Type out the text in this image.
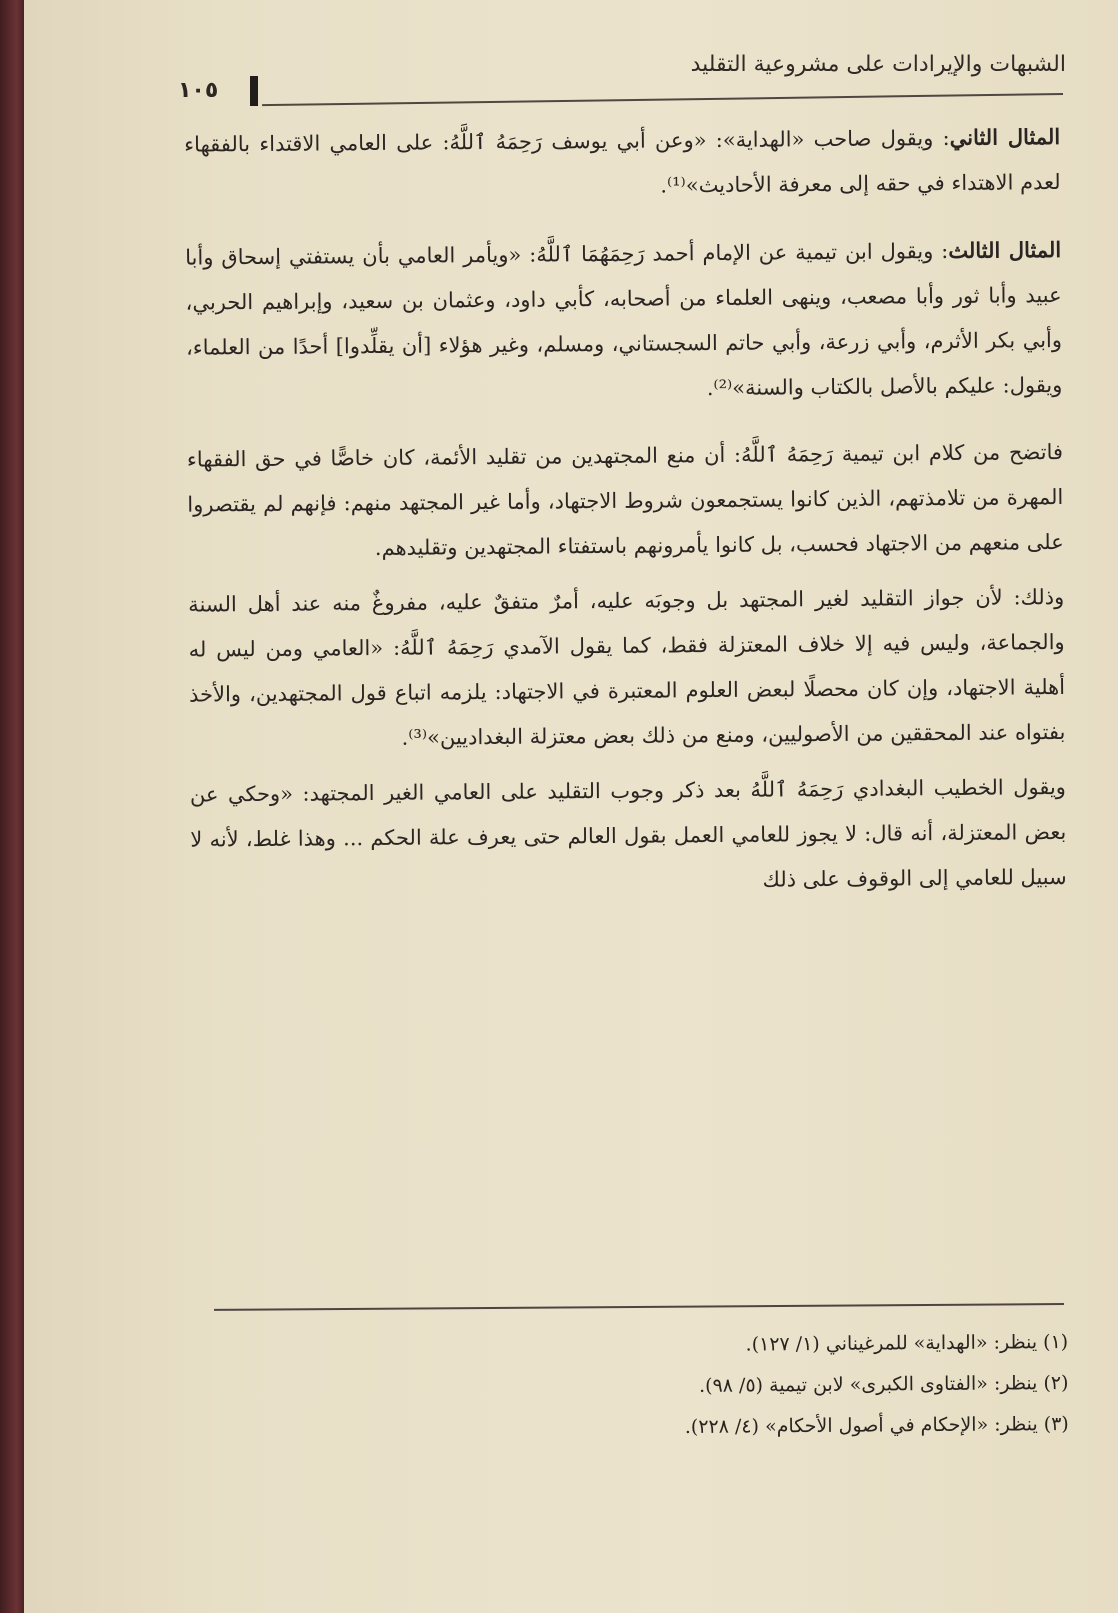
الشبهات والإيرادات على مشروعية التقليد
١٠٥

المثال الثاني: ويقول صاحب «الهداية»: «وعن أبي يوسف رَحِمَهُ ٱللَّهُ: على العامي الاقتداء بالفقهاء لعدم الاهتداء في حقه إلى معرفة الأحاديث»⁽¹⁾.

المثال الثالث: ويقول ابن تيمية عن الإمام أحمد رَحِمَهُمَا ٱللَّهُ: «ويأمر العامي بأن يستفتي إسحاق وأبا عبيد وأبا ثور وأبا مصعب، وينهى العلماء من أصحابه، كأبي داود، وعثمان بن سعيد، وإبراهيم الحربي، وأبي بكر الأثرم، وأبي زرعة، وأبي حاتم السجستاني، ومسلم، وغير هؤلاء [أن يقلِّدوا] أحدًا من العلماء، ويقول: عليكم بالأصل بالكتاب والسنة»⁽²⁾.

فاتضح من كلام ابن تيمية رَحِمَهُ ٱللَّهُ: أن منع المجتهدين من تقليد الأئمة، كان خاصًّا في حق الفقهاء المهرة من تلامذتهم، الذين كانوا يستجمعون شروط الاجتهاد، وأما غير المجتهد منهم: فإنهم لم يقتصروا على منعهم من الاجتهاد فحسب، بل كانوا يأمرونهم باستفتاء المجتهدين وتقليدهم.

وذلك: لأن جواز التقليد لغير المجتهد بل وجوبَه عليه، أمرٌ متفقٌ عليه، مفروغٌ منه عند أهل السنة والجماعة، وليس فيه إلا خلاف المعتزلة فقط، كما يقول الآمدي رَحِمَهُ ٱللَّهُ: «العامي ومن ليس له أهلية الاجتهاد، وإن كان محصلًا لبعض العلوم المعتبرة في الاجتهاد: يلزمه اتباع قول المجتهدين، والأخذ بفتواه عند المحققين من الأصوليين، ومنع من ذلك بعض معتزلة البغداديين»⁽³⁾.

ويقول الخطيب البغدادي رَحِمَهُ ٱللَّهُ بعد ذكر وجوب التقليد على العامي الغير المجتهد: «وحكي عن بعض المعتزلة، أنه قال: لا يجوز للعامي العمل بقول العالم حتى يعرف علة الحكم ... وهذا غلط، لأنه لا سبيل للعامي إلى الوقوف على ذلك

(١) ينظر: «الهداية» للمرغيناني (١/ ١٢٧).
(٢) ينظر: «الفتاوى الكبرى» لابن تيمية (٥/ ٩٨).
(٣) ينظر: «الإحكام في أصول الأحكام» (٤/ ٢٢٨).
